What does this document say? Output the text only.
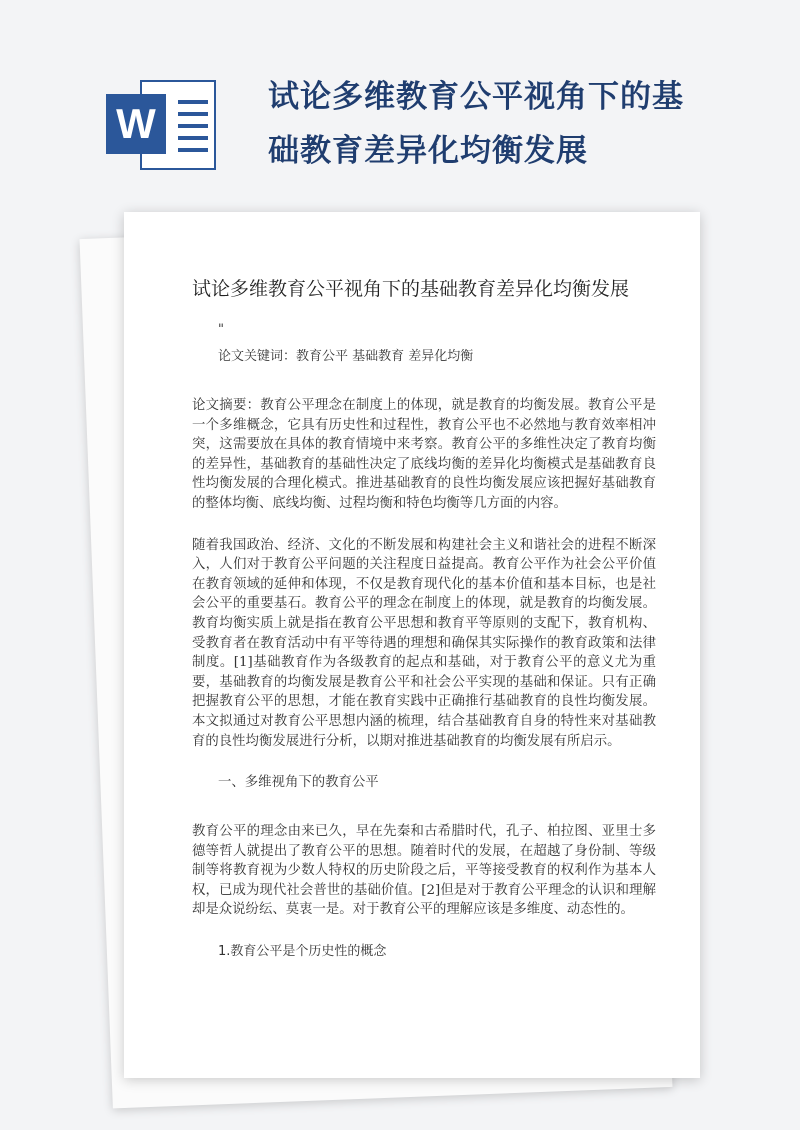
W
试论多维教育公平视角下的基础教育差异化均衡发展
试论多维教育公平视角下的基础教育差异化均衡发展

"

论文关键词：教育公平 基础教育 差异化均衡

论文摘要：教育公平理念在制度上的体现，就是教育的均衡发展。教育公平是一个多维概念，它具有历史性和过程性，教育公平也不必然地与教育效率相冲突，这需要放在具体的教育情境中来考察。教育公平的多维性决定了教育均衡的差异性，基础教育的基础性决定了底线均衡的差异化均衡模式是基础教育良性均衡发展的合理化模式。推进基础教育的良性均衡发展应该把握好基础教育的整体均衡、底线均衡、过程均衡和特色均衡等几方面的内容。

随着我国政治、经济、文化的不断发展和构建社会主义和谐社会的进程不断深入，人们对于教育公平问题的关注程度日益提高。教育公平作为社会公平价值在教育领域的延伸和体现，不仅是教育现代化的基本价值和基本目标，也是社会公平的重要基石。教育公平的理念在制度上的体现，就是教育的均衡发展。教育均衡实质上就是指在教育公平思想和教育平等原则的支配下，教育机构、受教育者在教育活动中有平等待遇的理想和确保其实际操作的教育政策和法律制度。[1]基础教育作为各级教育的起点和基础，对于教育公平的意义尤为重要，基础教育的均衡发展是教育公平和社会公平实现的基础和保证。只有正确把握教育公平的思想，才能在教育实践中正确推行基础教育的良性均衡发展。本文拟通过对教育公平思想内涵的梳理，结合基础教育自身的特性来对基础教育的良性均衡发展进行分析，以期对推进基础教育的均衡发展有所启示。

一、多维视角下的教育公平

教育公平的理念由来已久，早在先秦和古希腊时代，孔子、柏拉图、亚里士多德等哲人就提出了教育公平的思想。随着时代的发展，在超越了身份制、等级制等将教育视为少数人特权的历史阶段之后，平等接受教育的权利作为基本人权，已成为现代社会普世的基础价值。[2]但是对于教育公平理念的认识和理解却是众说纷纭、莫衷一是。对于教育公平的理解应该是多维度、动态性的。

1.教育公平是个历史性的概念
